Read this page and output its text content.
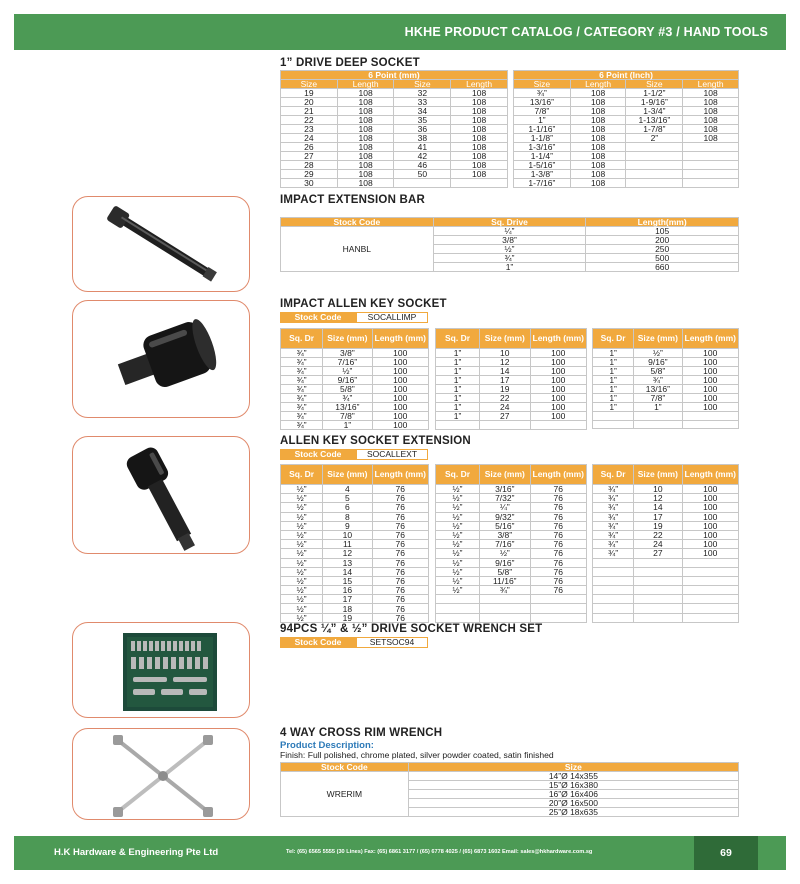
HKHE PRODUCT CATALOG / CATEGORY #3 / HAND TOOLS
1” DRIVE DEEP SOCKET
6 Point (mm)			
Size	Length	Size	Length
19	108	32	108
20	108	33	108
21	108	34	108
22	108	35	108
23	108	36	108
24	108	38	108
26	108	41	108
27	108	42	108
28	108	46	108
29	108	50	108
30	108		
6 Point (Inch)			
Size	Length	Size	Length
¾”	108	1-1/2”	108
13/16”	108	1-9/16”	108
7/8”	108	1-3/4”	108
1”	108	1-13/16”	108
1-1/16”	108	1-7/8”	108
1-1/8”	108	2”	108
1-3/16”	108		
1-1/4”	108		
1-5/16”	108		
1-3/8”	108		
1-7/16”	108		
IMPACT EXTENSION BAR
Stock Code	Sq. Drive	Length(mm)
HANBL	¼”	105
	3/8”	200
	½”	250
	¾”	500
	1”	660
IMPACT ALLEN KEY SOCKET
Stock Code	SOCALLIMP
Sq. Dr	Size (mm)	Length (mm)
¾”	3/8”	100
¾”	7/16”	100
¾”	½”	100
¾”	9/16”	100
¾”	5/8”	100
¾”	¾”	100
¾”	13/16”	100
¾”	7/8”	100
¾”	1”	100
Sq. Dr	Size (mm)	Length (mm)
1”	10	100
1”	12	100
1”	14	100
1”	17	100
1”	19	100
1”	22	100
1”	24	100
1”	27	100

Sq. Dr	Size (mm)	Length (mm)
1”	½”	100
1”	9/16”	100
1”	5/8”	100
1”	¾”	100
1”	13/16”	100
1”	7/8”	100
1”	1”	100

ALLEN KEY SOCKET EXTENSION
Stock Code	SOCALLEXT
Sq. Dr	Size (mm)	Length (mm)
½”	4	76
½”	5	76
½”	6	76
½”	8	76
½”	9	76
½”	10	76
½”	11	76
½”	12	76
½”	13	76
½”	14	76
½”	15	76
½”	16	76
½”	17	76
½”	18	76
½”	19	76
Sq. Dr	Size (mm)	Length (mm)
½”	3/16”	76
½”	7/32”	76
½”	¼”	76
½”	9/32”	76
½”	5/16”	76
½”	3/8”	76
½”	7/16”	76
½”	½”	76
½”	9/16”	76
½”	5/8”	76
½”	11/16”	76
½”	¾”	76

Sq. Dr	Size (mm)	Length (mm)
¾”	10	100
¾”	12	100
¾”	14	100
¾”	17	100
¾”	19	100
¾”	22	100
¾”	24	100
¾”	27	100

94PCS ¼” & ½” DRIVE SOCKET WRENCH SET
Stock Code	SETSOC94
4 WAY CROSS RIM WRENCH
Product Description:
Finish: Full polished, chrome plated, silver powder coated, satin finished
Stock Code	Size
WRERIM	14”Ø 14x355
	15”Ø 16x380
	16”Ø 16x406
	20”Ø 16x500
	25”Ø 18x635
H.K Hardware & Engineering Pte Ltd	Tel: (65) 6565 5555 (30 Lines) Fax: (65) 6861 3177 / (65) 6778 4025 / (65) 6873 1602 Email: sales@hkhardware.com.sg	69
